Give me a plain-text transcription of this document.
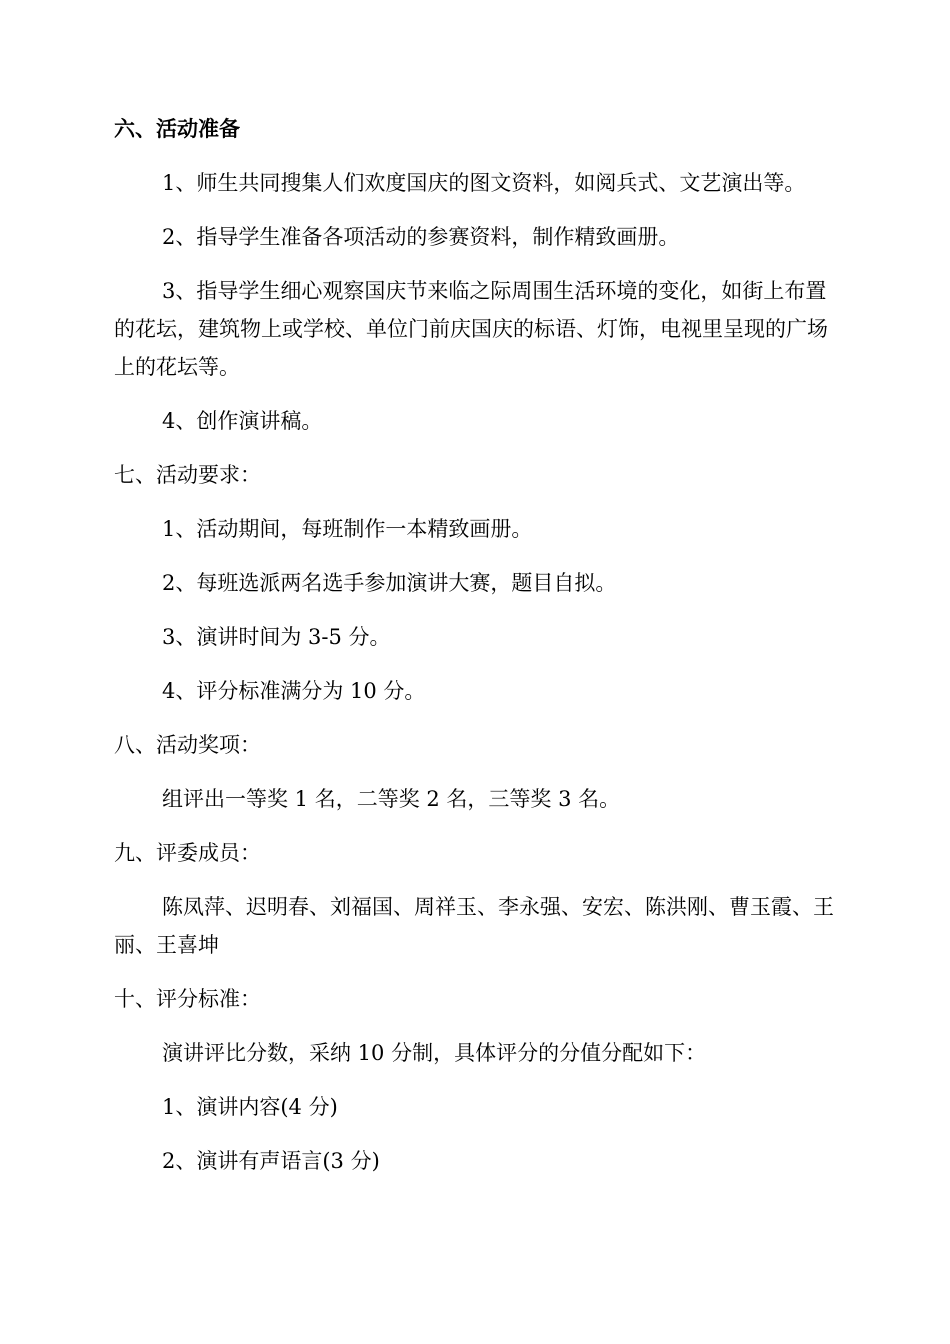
六、活动准备

1、师生共同搜集人们欢度国庆的图文资料，如阅兵式、文艺演出等。

2、指导学生准备各项活动的参赛资料，制作精致画册。

3、指导学生细心观察国庆节来临之际周围生活环境的变化，如街上布置的花坛，建筑物上或学校、单位门前庆国庆的标语、灯饰，电视里呈现的广场上的花坛等。

4、创作演讲稿。

七、活动要求：

1、活动期间，每班制作一本精致画册。

2、每班选派两名选手参加演讲大赛，题目自拟。

3、演讲时间为 3-5 分。

4、评分标准满分为 10 分。

八、活动奖项：

组评出一等奖 1 名，二等奖 2 名，三等奖 3 名。

九、评委成员：

陈凤萍、迟明春、刘福国、周祥玉、李永强、安宏、陈洪刚、曹玉霞、王丽、王喜坤

十、评分标准：

演讲评比分数，采纳 10 分制，具体评分的分值分配如下：

1、演讲内容(4 分)

2、演讲有声语言(3 分)
